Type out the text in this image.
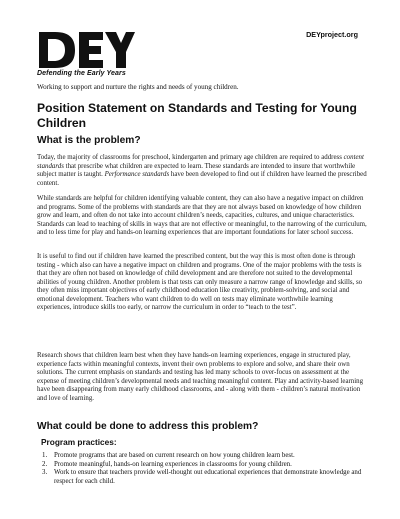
Defending the Early Years
DEYproject.org
Working to support and nurture the rights and needs of young children.
Position Statement on Standards and Testing for Young Children
What is the problem?
Today, the majority of classrooms for preschool, kindergarten and primary age children are required to address content standards that prescribe what children are expected to learn. These standards are intended to insure that worthwhile subject matter is taught. Performance standards have been developed to find out if children have learned the prescribed content.
While standards are helpful for children identifying valuable content, they can also have a negative impact on children and programs. Some of the problems with standards are that they are not always based on knowledge of how children grow and learn, and often do not take into account children’s needs, capacities, cultures, and unique characteristics. Standards can lead to teaching of skills in ways that are not effective or meaningful, to the narrowing of the curriculum, and to less time for play and hands-on learning experiences that are important foundations for later school success.
It is useful to find out if children have learned the prescribed content, but the way this is most often done is through testing - which also can have a negative impact on children and programs. One of the major problems with the tests is that they are often not based on knowledge of child development and are therefore not suited to the developmental abilities of young children. Another problem is that tests can only measure a narrow range of knowledge and skills, so they often miss important objectives of early childhood education like creativity, problem-solving, and social and emotional development. Teachers who want children to do well on tests may eliminate worthwhile learning experiences, introduce skills too early, or narrow the curriculum in order to “teach to the test”.
Research shows that children learn best when they have hands-on learning experiences, engage in structured play, experience facts within meaningful contexts, invent their own problems to explore and solve, and share their own solutions. The current emphasis on standards and testing has led many schools to over-focus on assessment at the expense of meeting children’s developmental needs and teaching meaningful content. Play and activity-based learning have been disappearing from many early childhood classrooms, and - along with them - children’s natural motivation and love of learning.
What could be done to address this problem?
Program practices:
1. Promote programs that are based on current research on how young children learn best.
2. Promote meaningful, hands-on learning experiences in classrooms for young children.
3. Work to ensure that teachers provide well-thought out educational experiences that demonstrate knowledge and respect for each child.
